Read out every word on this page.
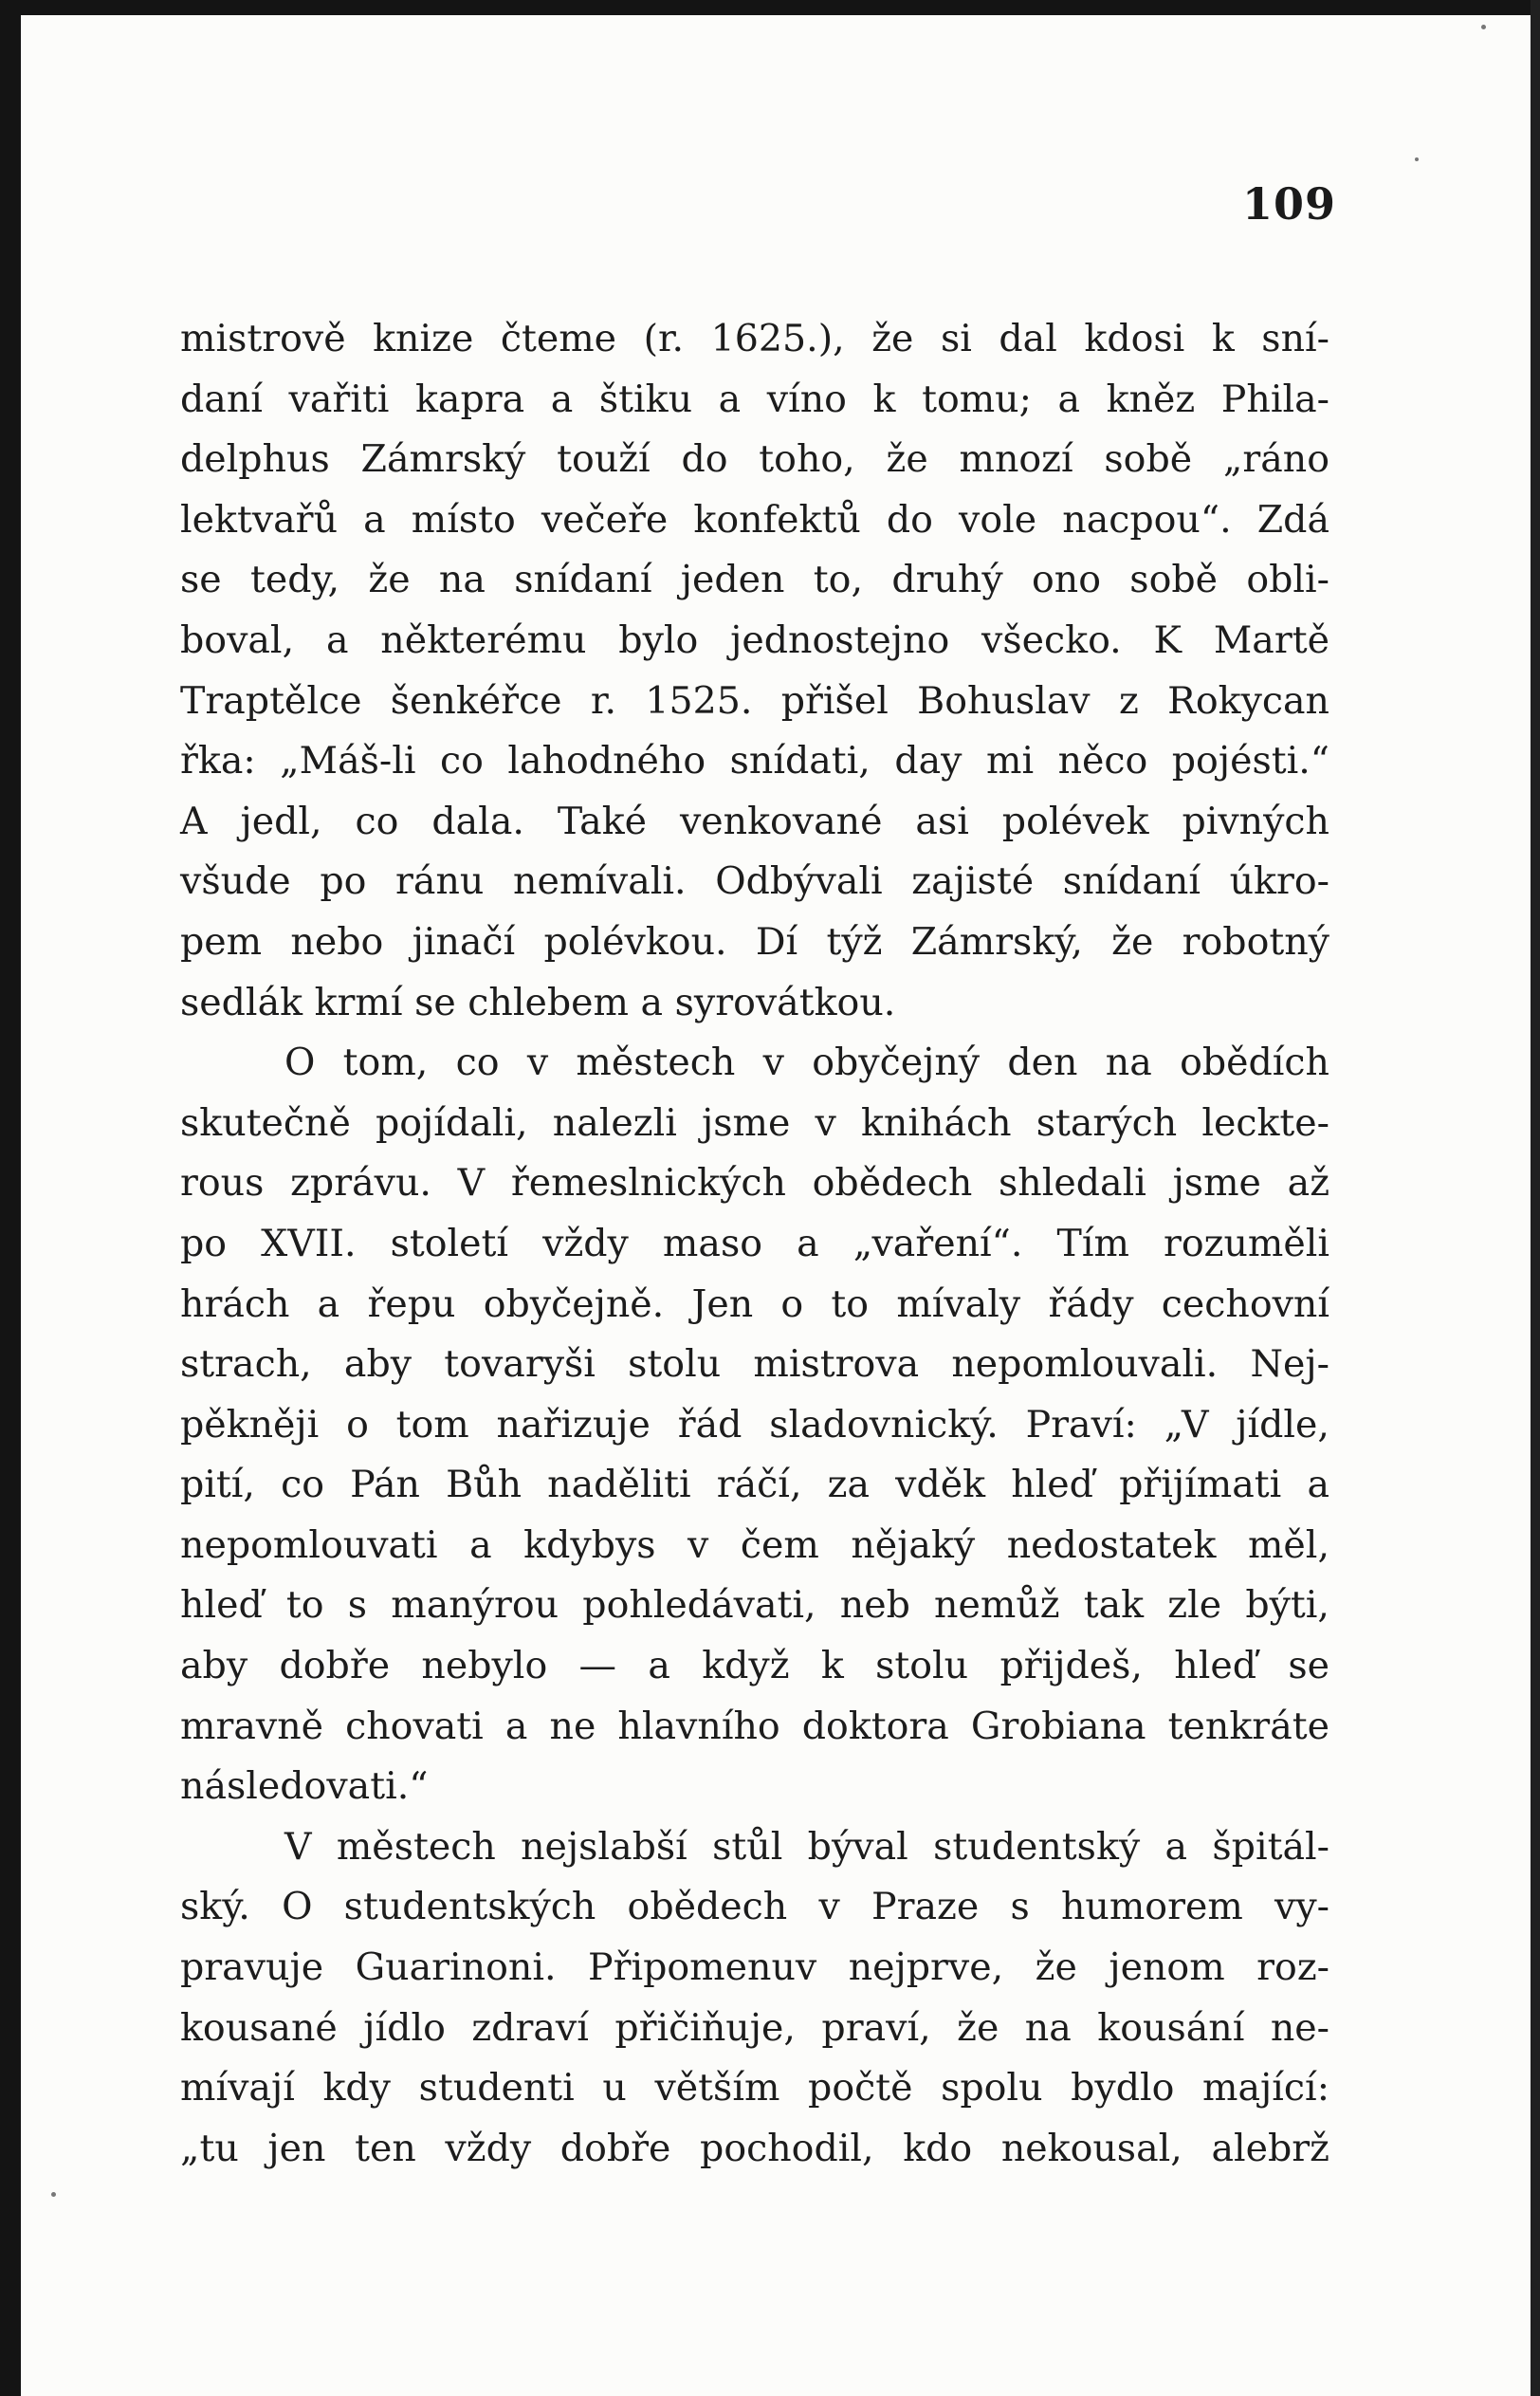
109
mistrově knize čteme (r. 1625.), že si dal kdosi k sní-
daní vařiti kapra a štiku a víno k tomu; a kněz Phila-
delphus Zámrský touží do toho, že mnozí sobě „ráno
lektvařů a místo večeře konfektů do vole nacpou“. Zdá
se tedy, že na snídaní jeden to, druhý ono sobě obli-
boval, a některému bylo jednostejno všecko. K Martě
Traptělce šenkéřce r. 1525. přišel Bohuslav z Rokycan
řka: „Máš-li co lahodného snídati, day mi něco pojésti.“
A jedl, co dala. Také venkované asi polévek pivných
všude po ránu nemívali. Odbývali zajisté snídaní úkro-
pem nebo jinačí polévkou. Dí týž Zámrský, že robotný
sedlák krmí se chlebem a syrovátkou.
O tom, co v městech v obyčejný den na obědích
skutečně pojídali, nalezli jsme v knihách starých leckte-
rous zprávu. V řemeslnických obědech shledali jsme až
po XVII. století vždy maso a „vaření“. Tím rozuměli
hrách a řepu obyčejně. Jen o to mívaly řády cechovní
strach, aby tovaryši stolu mistrova nepomlouvali. Nej-
pěkněji o tom nařizuje řád sladovnický. Praví: „V jídle,
pití, co Pán Bůh naděliti ráčí, za vděk hleď přijímati a
nepomlouvati a kdybys v čem nějaký nedostatek měl,
hleď to s manýrou pohledávati, neb nemůž tak zle býti,
aby dobře nebylo — a když k stolu přijdeš, hleď se
mravně chovati a ne hlavního doktora Grobiana tenkráte
následovati.“
V městech nejslabší stůl býval studentský a špitál-
ský. O studentských obědech v Praze s humorem vy-
pravuje Guarinoni. Připomenuv nejprve, že jenom roz-
kousané jídlo zdraví přičiňuje, praví, že na kousání ne-
mívají kdy studenti u větším počtě spolu bydlo mající:
„tu jen ten vždy dobře pochodil, kdo nekousal, alebrž
